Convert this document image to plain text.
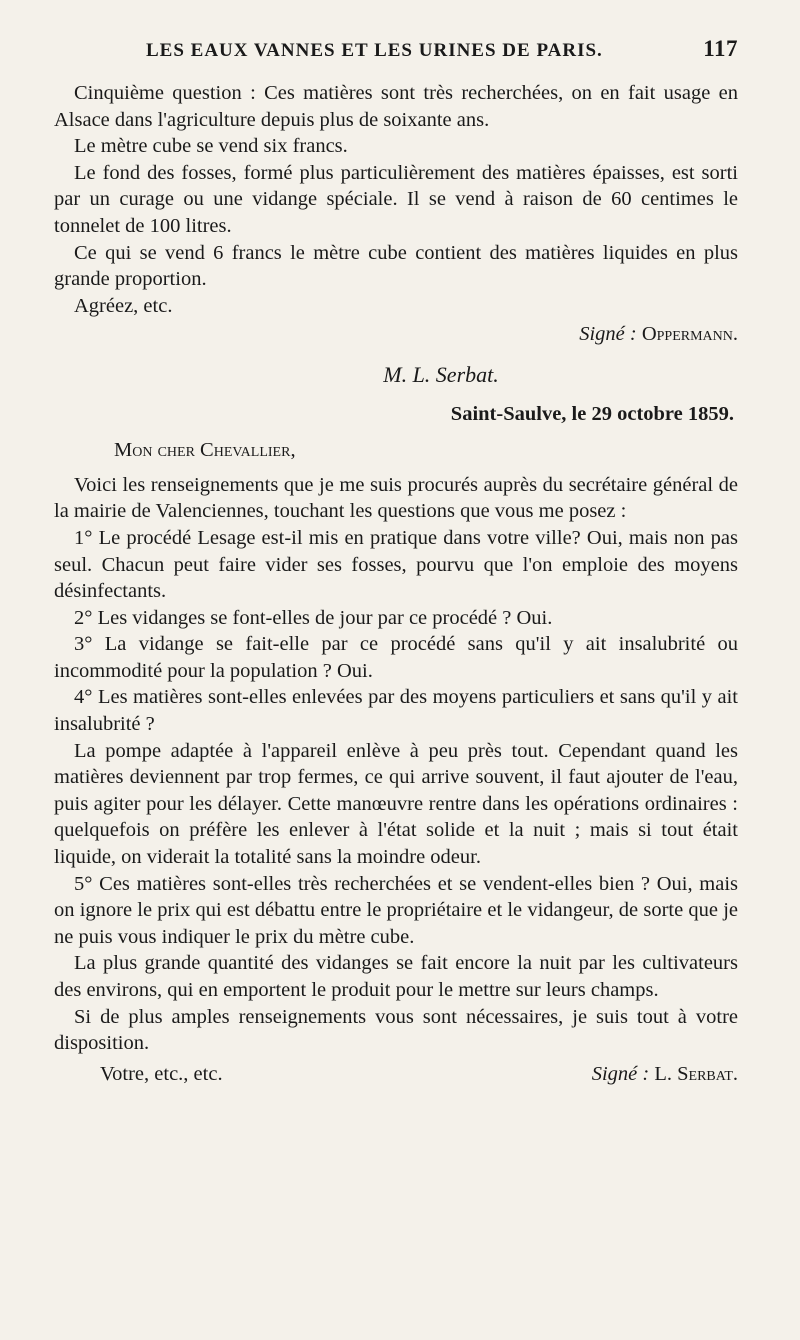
LES EAUX VANNES ET LES URINES DE PARIS.	117

Cinquième question : Ces matières sont très recherchées, on en fait usage en Alsace dans l'agriculture depuis plus de soixante ans.

Le mètre cube se vend six francs.

Le fond des fosses, formé plus particulièrement des matières épaisses, est sorti par un curage ou une vidange spéciale. Il se vend à raison de 60 centimes le tonnelet de 100 litres.

Ce qui se vend 6 francs le mètre cube contient des matières liquides en plus grande proportion.

Agréez, etc.

Signé : Oppermann.
M. L. Serbat.
Saint-Saulve, le 29 octobre 1859.
Mon cher Chevallier,

Voici les renseignements que je me suis procurés auprès du secrétaire général de la mairie de Valenciennes, touchant les questions que vous me posez :

1° Le procédé Lesage est-il mis en pratique dans votre ville? Oui, mais non pas seul. Chacun peut faire vider ses fosses, pourvu que l'on emploie des moyens désinfectants.

2° Les vidanges se font-elles de jour par ce procédé ? Oui.

3° La vidange se fait-elle par ce procédé sans qu'il y ait insalubrité ou incommodité pour la population ? Oui.

4° Les matières sont-elles enlevées par des moyens particuliers et sans qu'il y ait insalubrité ?

La pompe adaptée à l'appareil enlève à peu près tout. Cependant quand les matières deviennent par trop fermes, ce qui arrive souvent, il faut ajouter de l'eau, puis agiter pour les délayer. Cette manœuvre rentre dans les opérations ordinaires : quelquefois on préfère les enlever à l'état solide et la nuit ; mais si tout était liquide, on viderait la totalité sans la moindre odeur.

5° Ces matières sont-elles très recherchées et se vendent-elles bien ? Oui, mais on ignore le prix qui est débattu entre le propriétaire et le vidangeur, de sorte que je ne puis vous indiquer le prix du mètre cube.

La plus grande quantité des vidanges se fait encore la nuit par les cultivateurs des environs, qui en emportent le produit pour le mettre sur leurs champs.

Si de plus amples renseignements vous sont nécessaires, je suis tout à votre disposition.

Votre, etc., etc.	Signé : L. Serbat.
